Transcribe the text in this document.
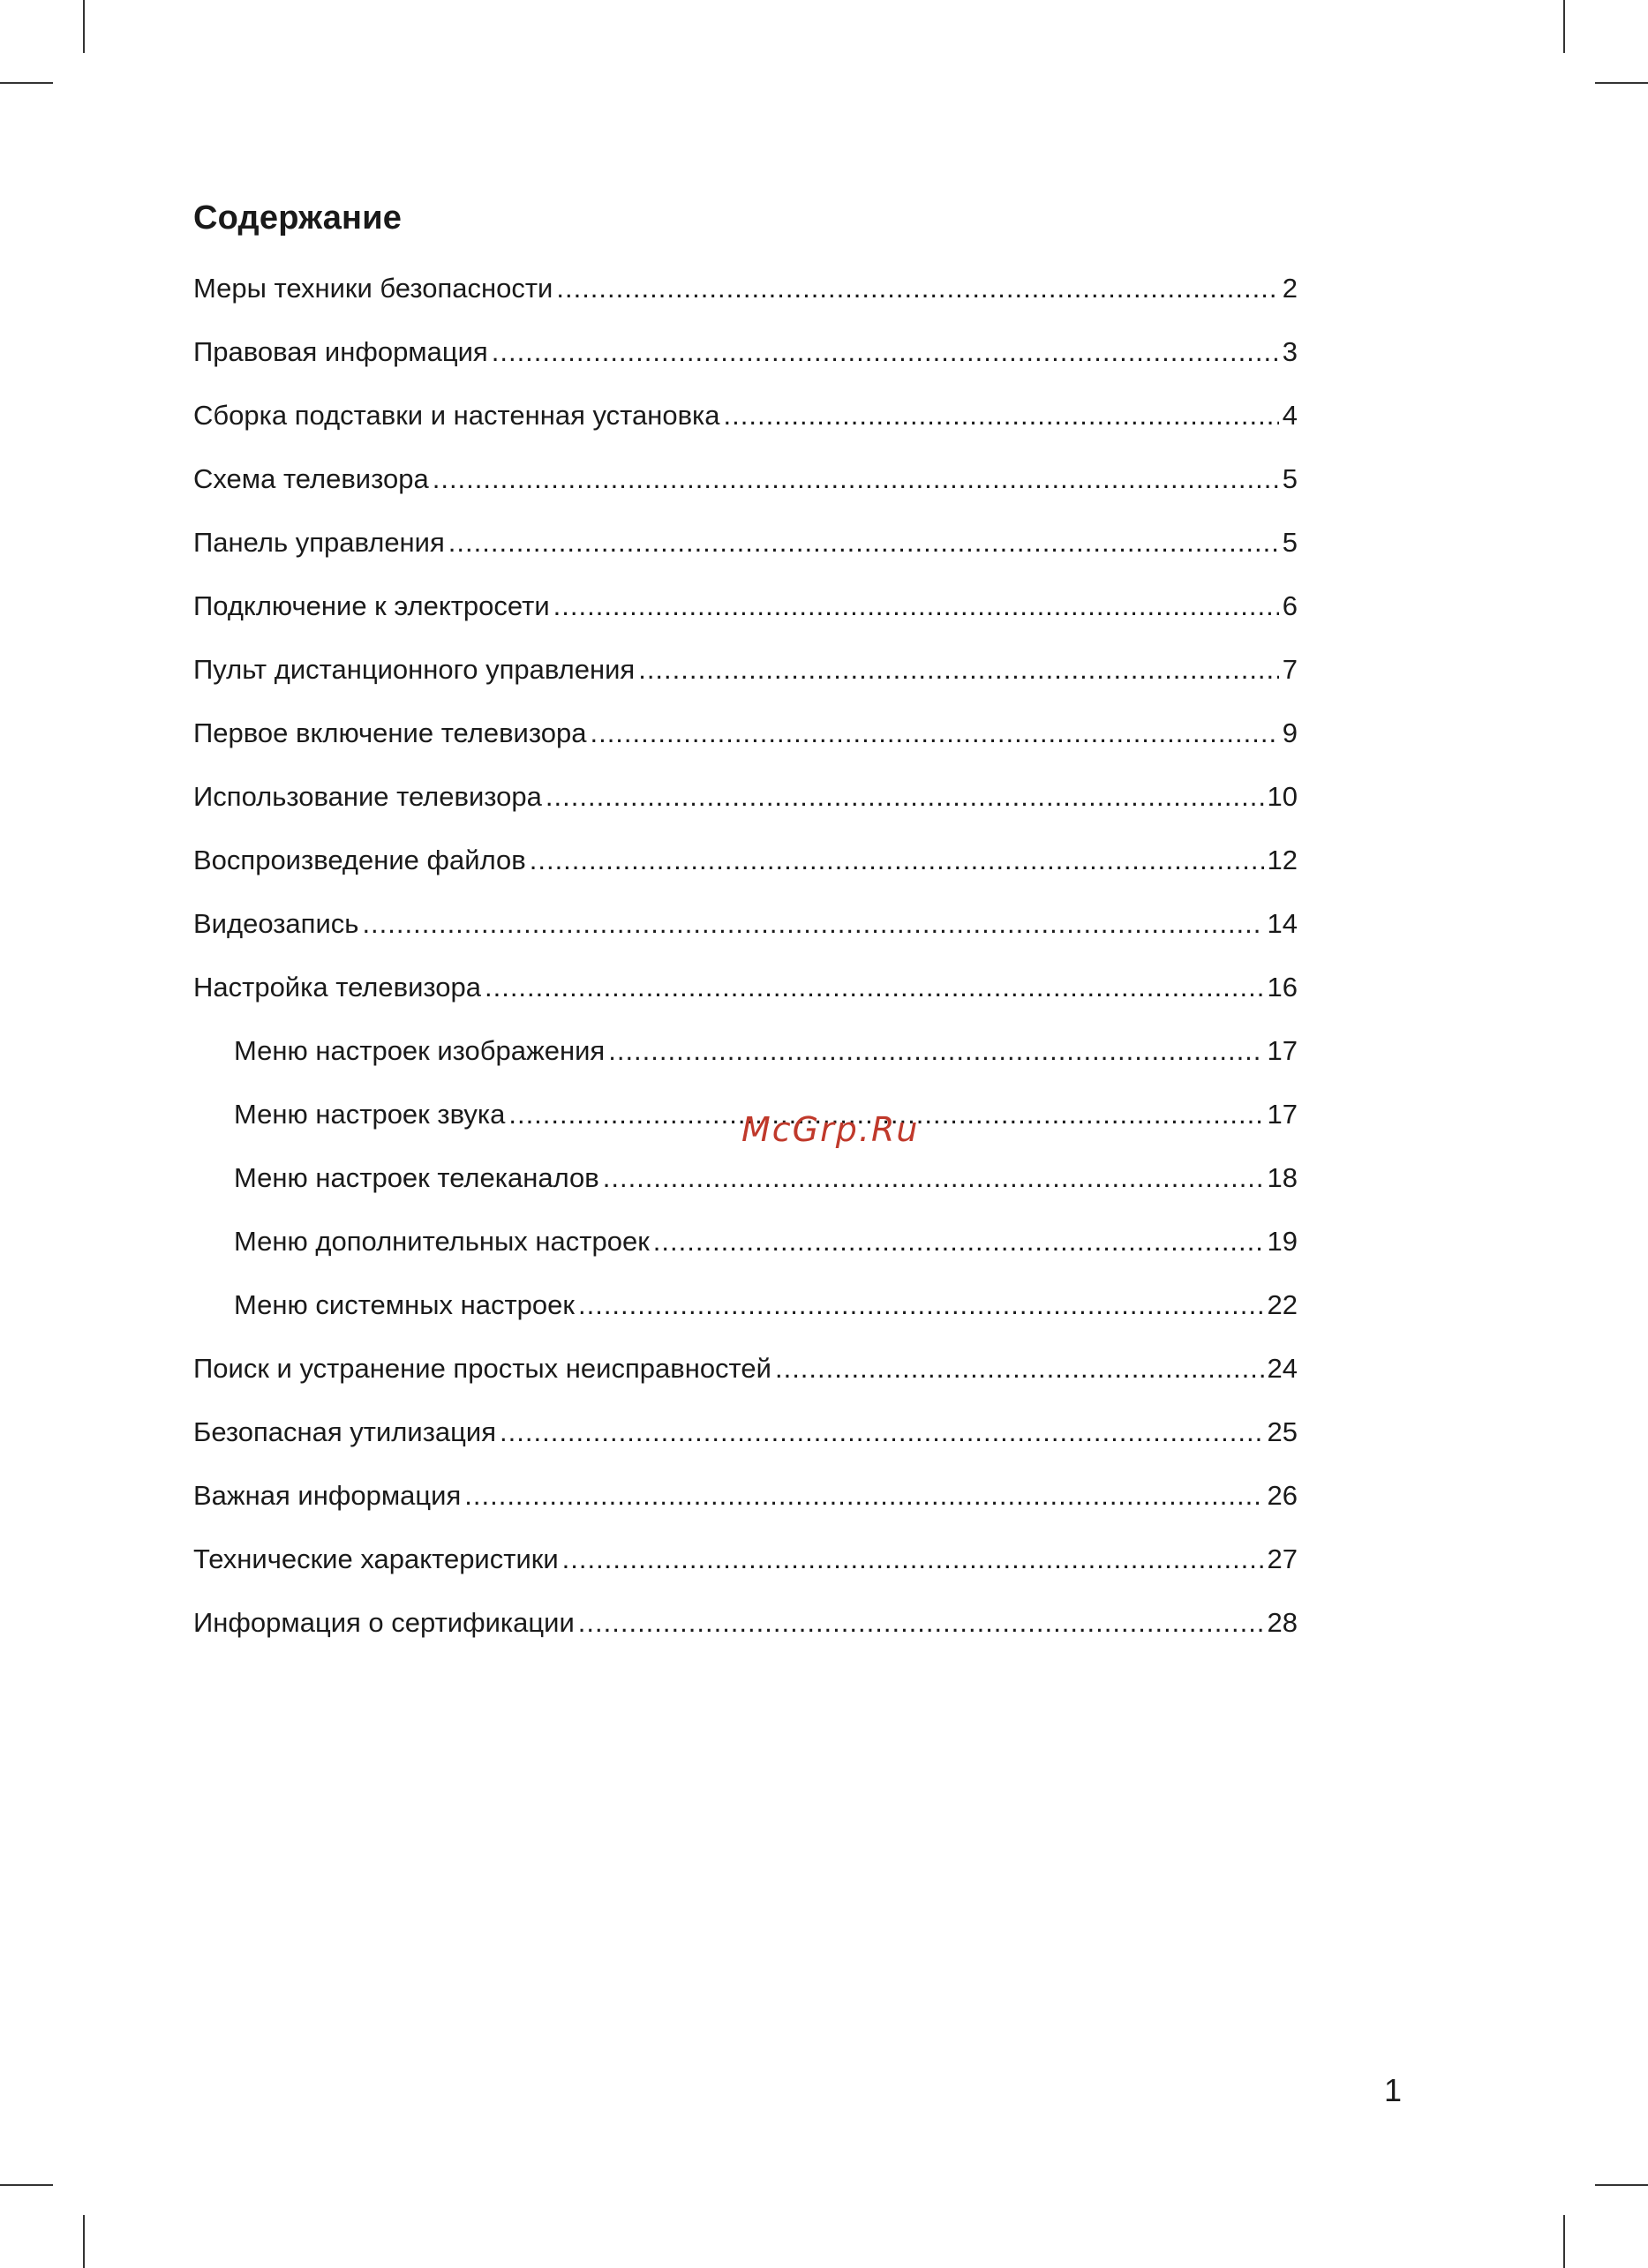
Содержание
Меры техники безопасности .....	2
Правовая информация .....	3
Сборка подставки и настенная установка .....	4
Схема телевизора .....	5
Панель управления .....	5
Подключение к электросети .....	6
Пульт дистанционного управления .....	7
Первое включение телевизора .....	9
Использование телевизора .....	10
Воспроизведение файлов .....	12
Видеозапись .....	14
Настройка телевизора .....	16
Меню настроек изображения .....	17
Меню настроек звука .....	17
Меню настроек телеканалов .....	18
Меню дополнительных настроек .....	19
Меню системных настроек .....	22
Поиск и устранение простых неисправностей .....	24
Безопасная утилизация .....	25
Важная информация .....	26
Технические характеристики .....	27
Информация о сертификации .....	28
McGrp.Ru
1
